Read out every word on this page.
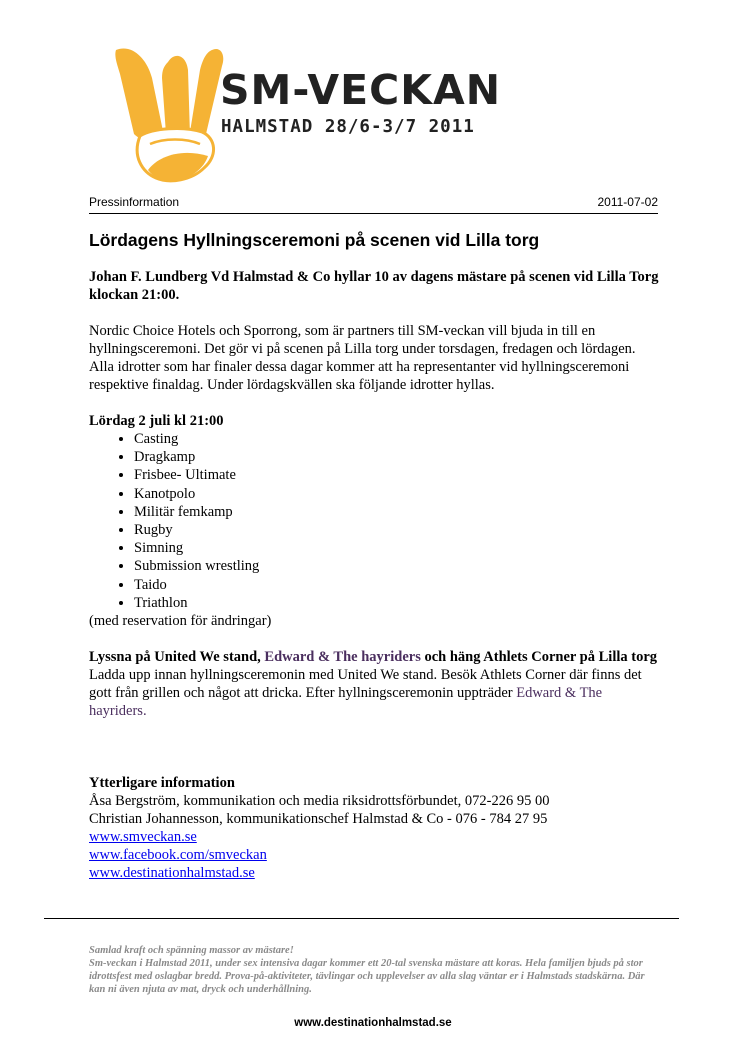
SM-VECKAN
HALMSTAD 28/6-3/7 2011
Pressinformation	2011-07-02
Lördagens Hyllningsceremoni på scenen vid Lilla torg

Johan F. Lundberg Vd Halmstad & Co hyllar 10 av dagens mästare på scenen vid Lilla Torg klockan 21:00.

Nordic Choice Hotels och Sporrong, som är partners till SM-veckan vill bjuda in till en hyllningsceremoni. Det gör vi på scenen på Lilla torg under torsdagen, fredagen och lördagen. Alla idrotter som har finaler dessa dagar kommer att ha representanter vid hyllningsceremoni respektive finaldag. Under lördagskvällen ska följande idrotter hyllas.

Lördag 2 juli kl 21:00

• Casting
• Dragkamp
• Frisbee- Ultimate
• Kanotpolo
• Militär femkamp
• Rugby
• Simning
• Submission wrestling
• Taido
• Triathlon

(med reservation för ändringar)

Lyssna på United We stand, Edward & The hayriders och häng Athlets Corner på Lilla torg

Ladda upp innan hyllningsceremonin med United We stand. Besök Athlets Corner där finns det gott från grillen och något att dricka. Efter hyllningsceremonin uppträder Edward & The hayriders.

Ytterligare information

Åsa Bergström, kommunikation och media riksidrottsförbundet, 072-226 95 00

Christian Johannesson, kommunikationschef Halmstad & Co - 076 - 784 27 95

www.smveckan.se

www.facebook.com/smveckan

www.destinationhalmstad.se

Samlad kraft och spänning massor av mästare!
Sm-veckan i Halmstad 2011, under sex intensiva dagar kommer ett 20-tal svenska mästare att koras. Hela familjen bjuds på stor idrottsfest med oslagbar bredd. Prova-på-aktiviteter, tävlingar och upplevelser av alla slag väntar er i Halmstads stadskärna. Där kan ni även njuta av mat, dryck och underhållning.
www.destinationhalmstad.se
